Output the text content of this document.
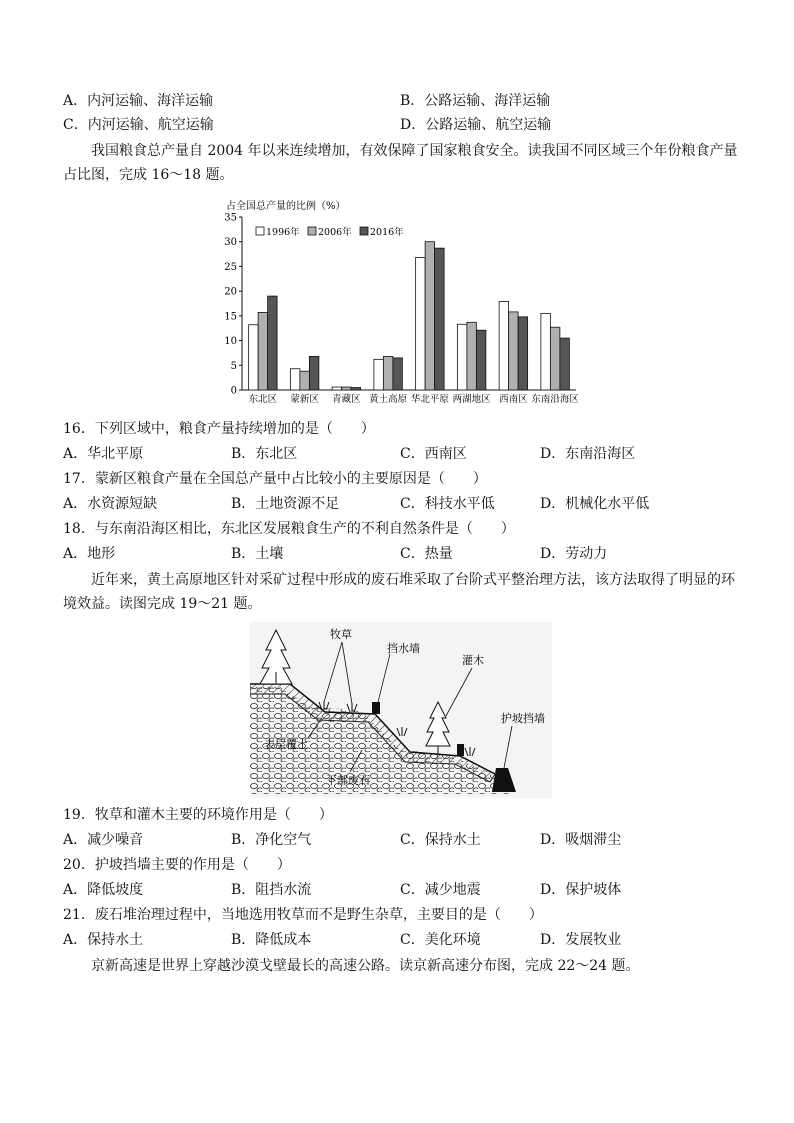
A．内河运输、海洋运输	B．公路运输、海洋运输
C．内河运输、航空运输	D．公路运输、航空运输
我国粮食总产量自 2004 年以来连续增加，有效保障了国家粮食安全。读我国不同区域三个年份粮食产量
占比图，完成 16～18 题。
占全国总产量的比例（%）
0
5
10
15
20
25
30
35
1996年 2006年 2016年
东北区 蒙新区 青藏区 黄土高原 华北平原 两湖地区 西南区 东南沿海区
16．下列区域中，粮食产量持续增加的是（　　）
A．华北平原	B．东北区	C．西南区	D．东南沿海区
17．蒙新区粮食产量在全国总产量中占比较小的主要原因是（　　）
A．水资源短缺	B．土地资源不足	C．科技水平低	D．机械化水平低
18．与东南沿海区相比，东北区发展粮食生产的不利自然条件是（　　）
A．地形	B．土壤	C．热量	D．劳动力
近年来，黄土高原地区针对采矿过程中形成的废石堆采取了台阶式平整治理方法，该方法取得了明显的环
境效益。读图完成 19～21 题。
牧草
挡水墙
灌木
护坡挡墙
表层覆土
下部废石
19．牧草和灌木主要的环境作用是（　　）
A．减少噪音	B．净化空气	C．保持水土	D．吸烟滞尘
20．护坡挡墙主要的作用是（　　）
A．降低坡度	B．阻挡水流	C．减少地震	D．保护坡体
21．废石堆治理过程中，当地选用牧草而不是野生杂草，主要目的是（　　）
A．保持水土	B．降低成本	C．美化环境	D．发展牧业
京新高速是世界上穿越沙漠戈壁最长的高速公路。读京新高速分布图，完成 22～24 题。
